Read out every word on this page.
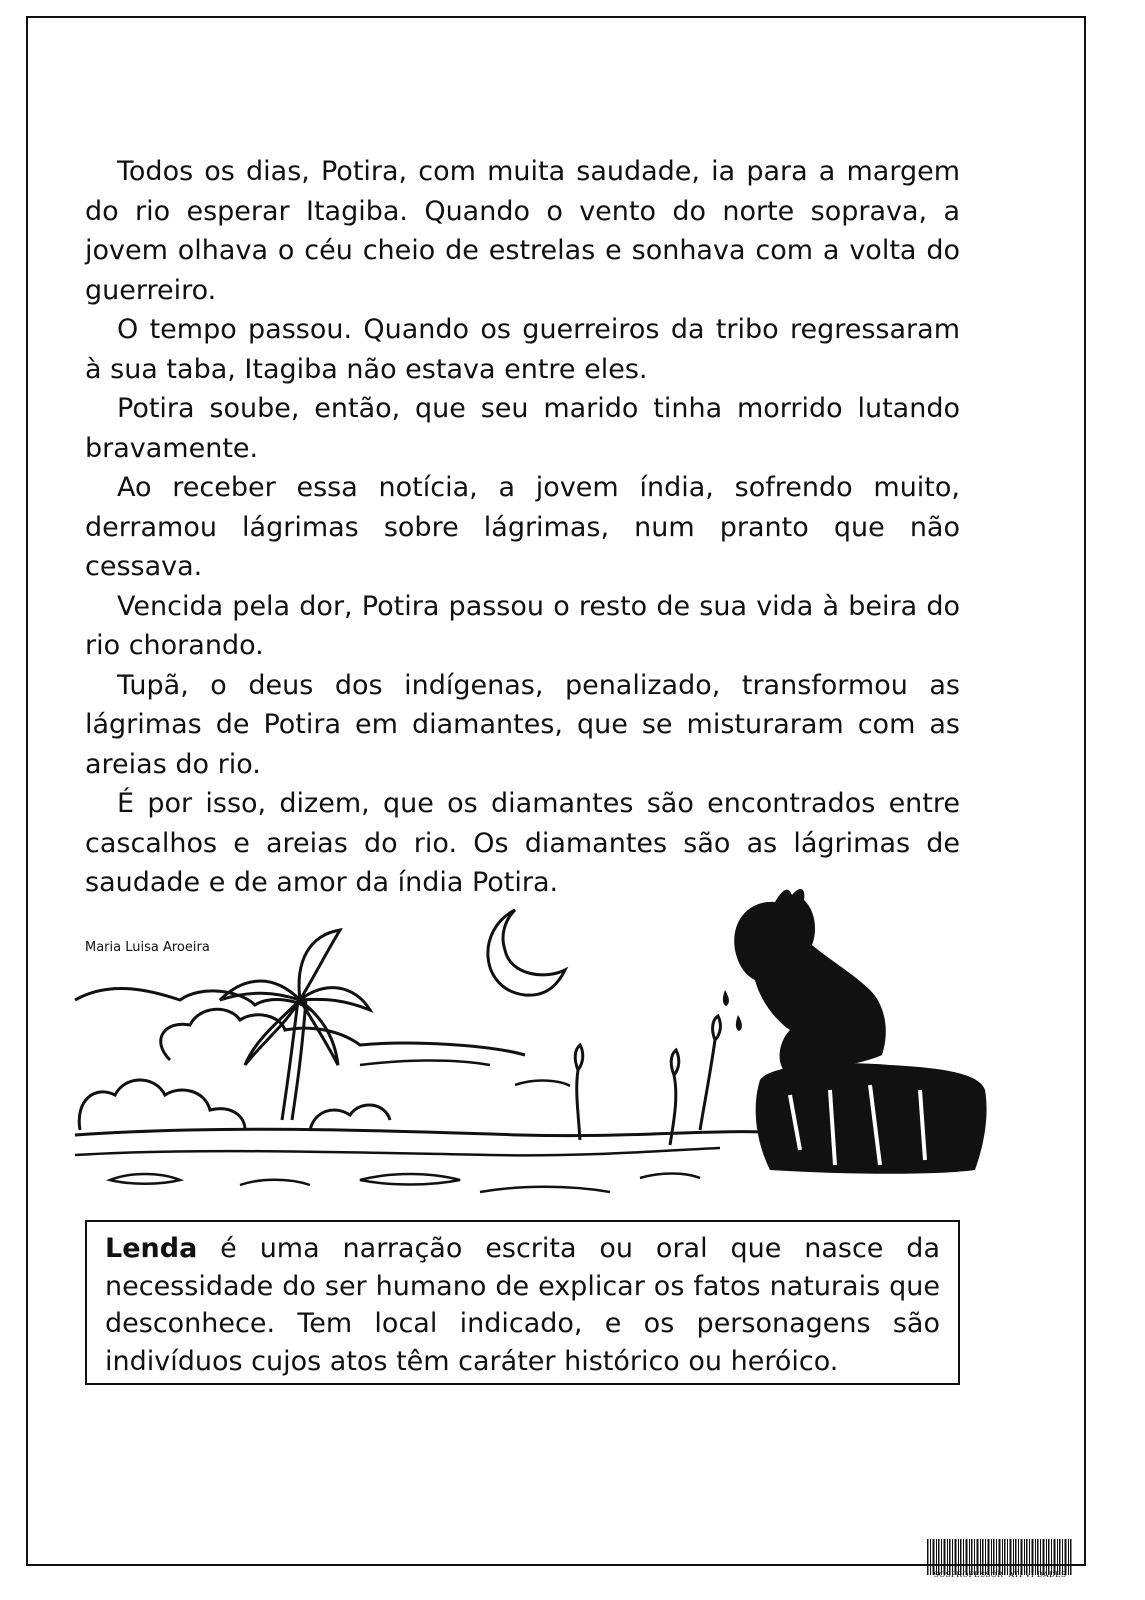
Todos os dias, Potira, com muita saudade, ia para a margem do rio esperar Itagiba. Quando o vento do norte soprava, a jovem olhava o céu cheio de estrelas e sonhava com a volta do guerreiro.

O tempo passou. Quando os guerreiros da tribo regressaram à sua taba, Itagiba não estava entre eles.

Potira soube, então, que seu marido tinha morrido lutando bravamente.

Ao receber essa notícia, a jovem índia, sofrendo muito, derramou lágrimas sobre lágrimas, num pranto que não cessava.

Vencida pela dor, Potira passou o resto de sua vida à beira do rio chorando.

Tupã, o deus dos indígenas, penalizado, transformou as lágrimas de Potira em diamantes, que se misturaram com as areias do rio.

É por isso, dizem, que os diamantes são encontrados entre cascalhos e areias do rio. Os diamantes são as lágrimas de saudade e de amor da índia Potira.

Maria Luisa Aroeira
Lenda é uma narração escrita ou oral que nasce da necessidade do ser humano de explicar os fatos naturais que desconhece. Tem local indicado, e os personagens são indivíduos cujos atos têm caráter histórico ou heróico.
SOSPROFESSOR- ATI VI DADES
